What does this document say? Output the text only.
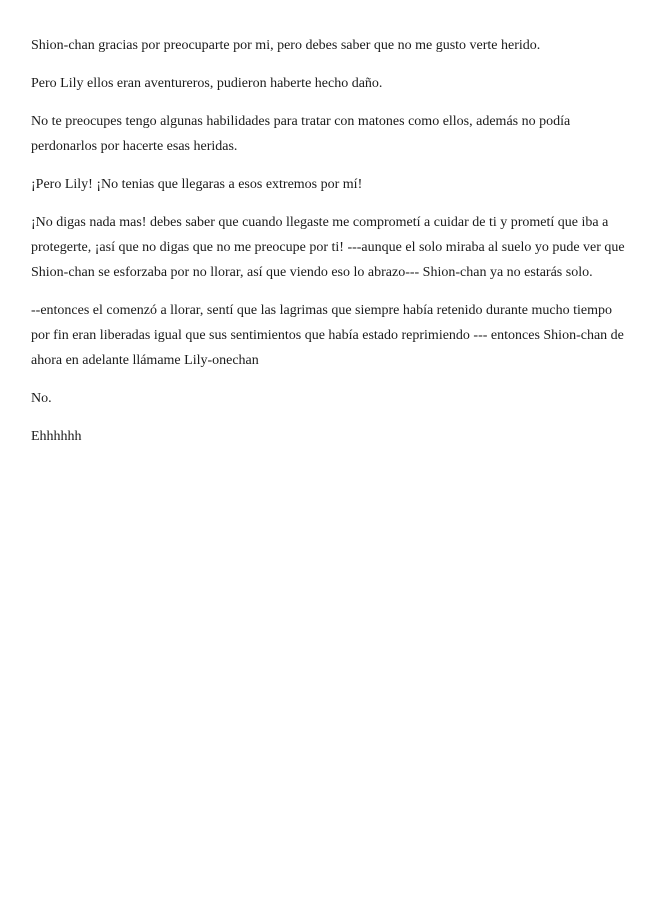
Shion-chan gracias por preocuparte por mi, pero debes saber que no me gusto verte herido.

Pero Lily ellos eran aventureros, pudieron haberte hecho daño.

No te preocupes tengo algunas habilidades para tratar con matones como ellos, además no podía perdonarlos por hacerte esas heridas.

¡Pero Lily! ¡No tenias que llegaras a esos extremos por mí!

¡No digas nada mas! debes saber que cuando llegaste me comprometí a cuidar de ti y prometí que iba a protegerte, ¡así que no digas que no me preocupe por ti! ---aunque el solo miraba al suelo yo pude ver que Shion-chan se esforzaba por no llorar, así que viendo eso lo abrazo--- Shion-chan ya no estarás solo.

--entonces el comenzó a llorar, sentí que las lagrimas que siempre había retenido durante mucho tiempo por fin eran liberadas igual que sus sentimientos que había estado reprimiendo --- entonces Shion-chan de ahora en adelante llámame Lily-onechan

No.

Ehhhhhh
